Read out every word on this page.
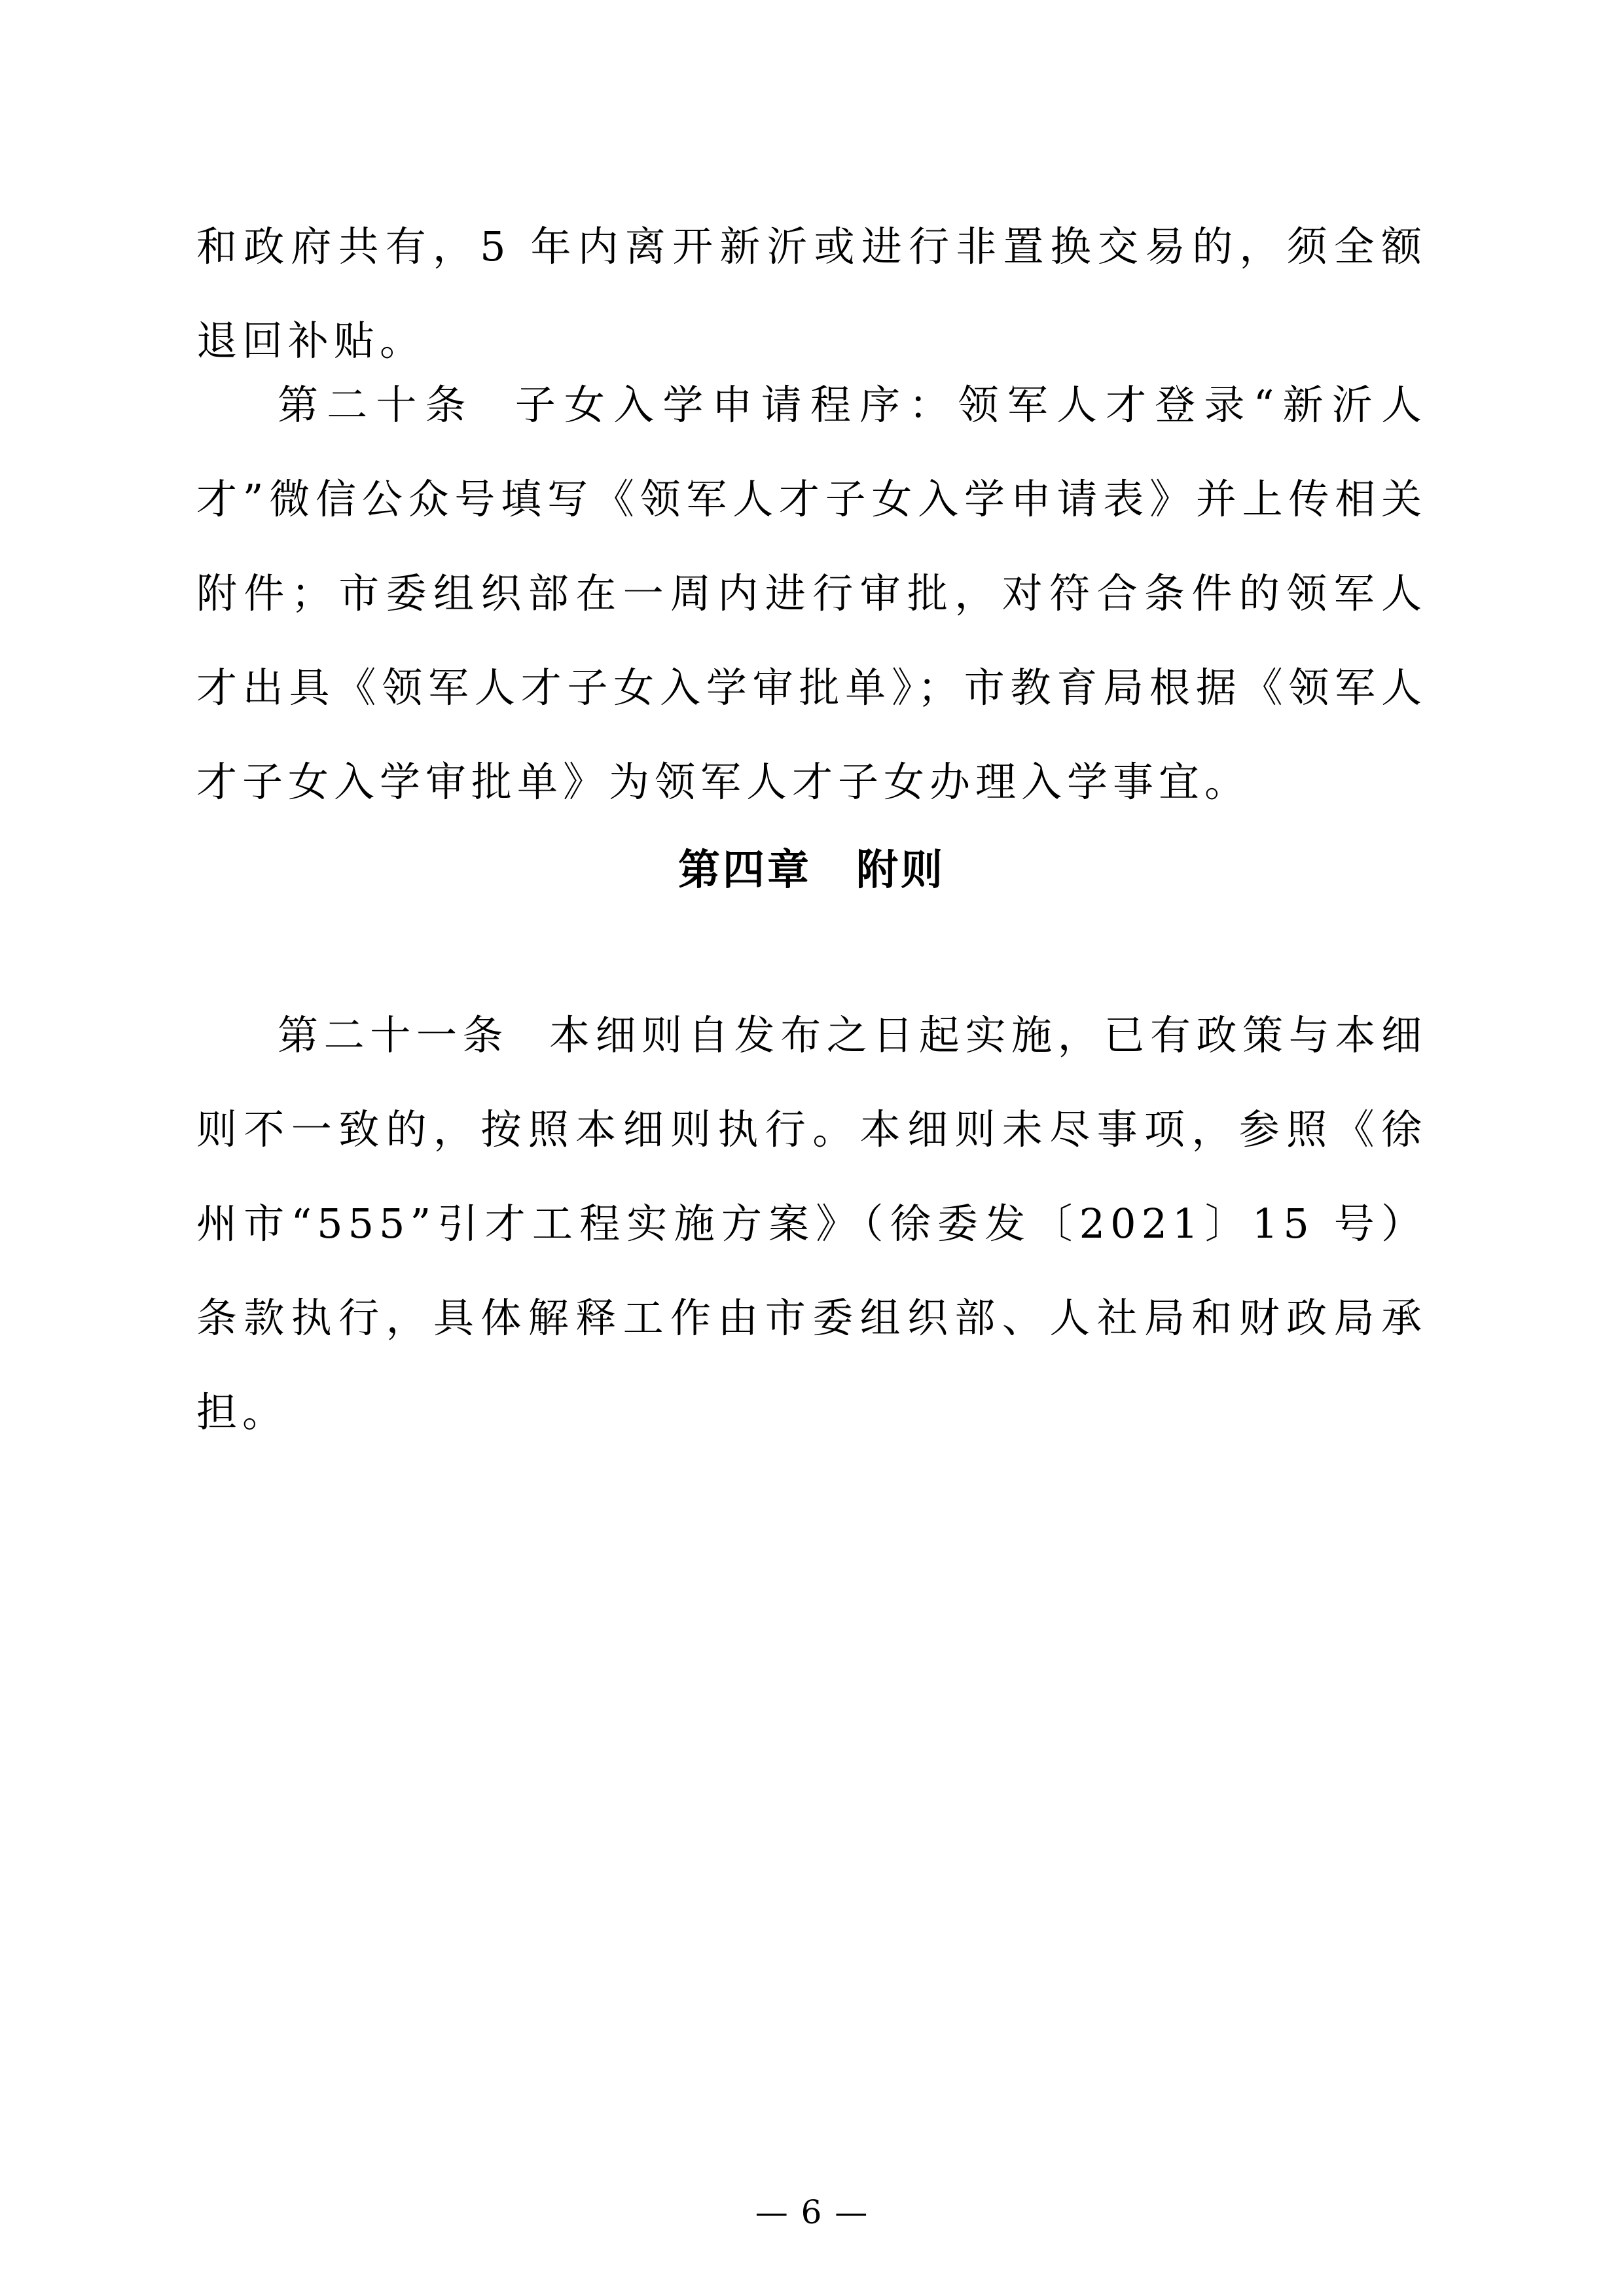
和政府共有，5 年内离开新沂或进行非置换交易的，须全额退回补贴。

第二十条 子女入学申请程序：领军人才登录“新沂人才”微信公众号填写《领军人才子女入学申请表》并上传相关附件；市委组织部在一周内进行审批，对符合条件的领军人才出具《领军人才子女入学审批单》；市教育局根据《领军人才子女入学审批单》为领军人才子女办理入学事宜。

第四章　附则

第二十一条 本细则自发布之日起实施，已有政策与本细则不一致的，按照本细则执行。本细则未尽事项，参照《徐州市“555”引才工程实施方案》（徐委发〔2021〕15 号）条款执行，具体解释工作由市委组织部、人社局和财政局承担。

— 6 —
